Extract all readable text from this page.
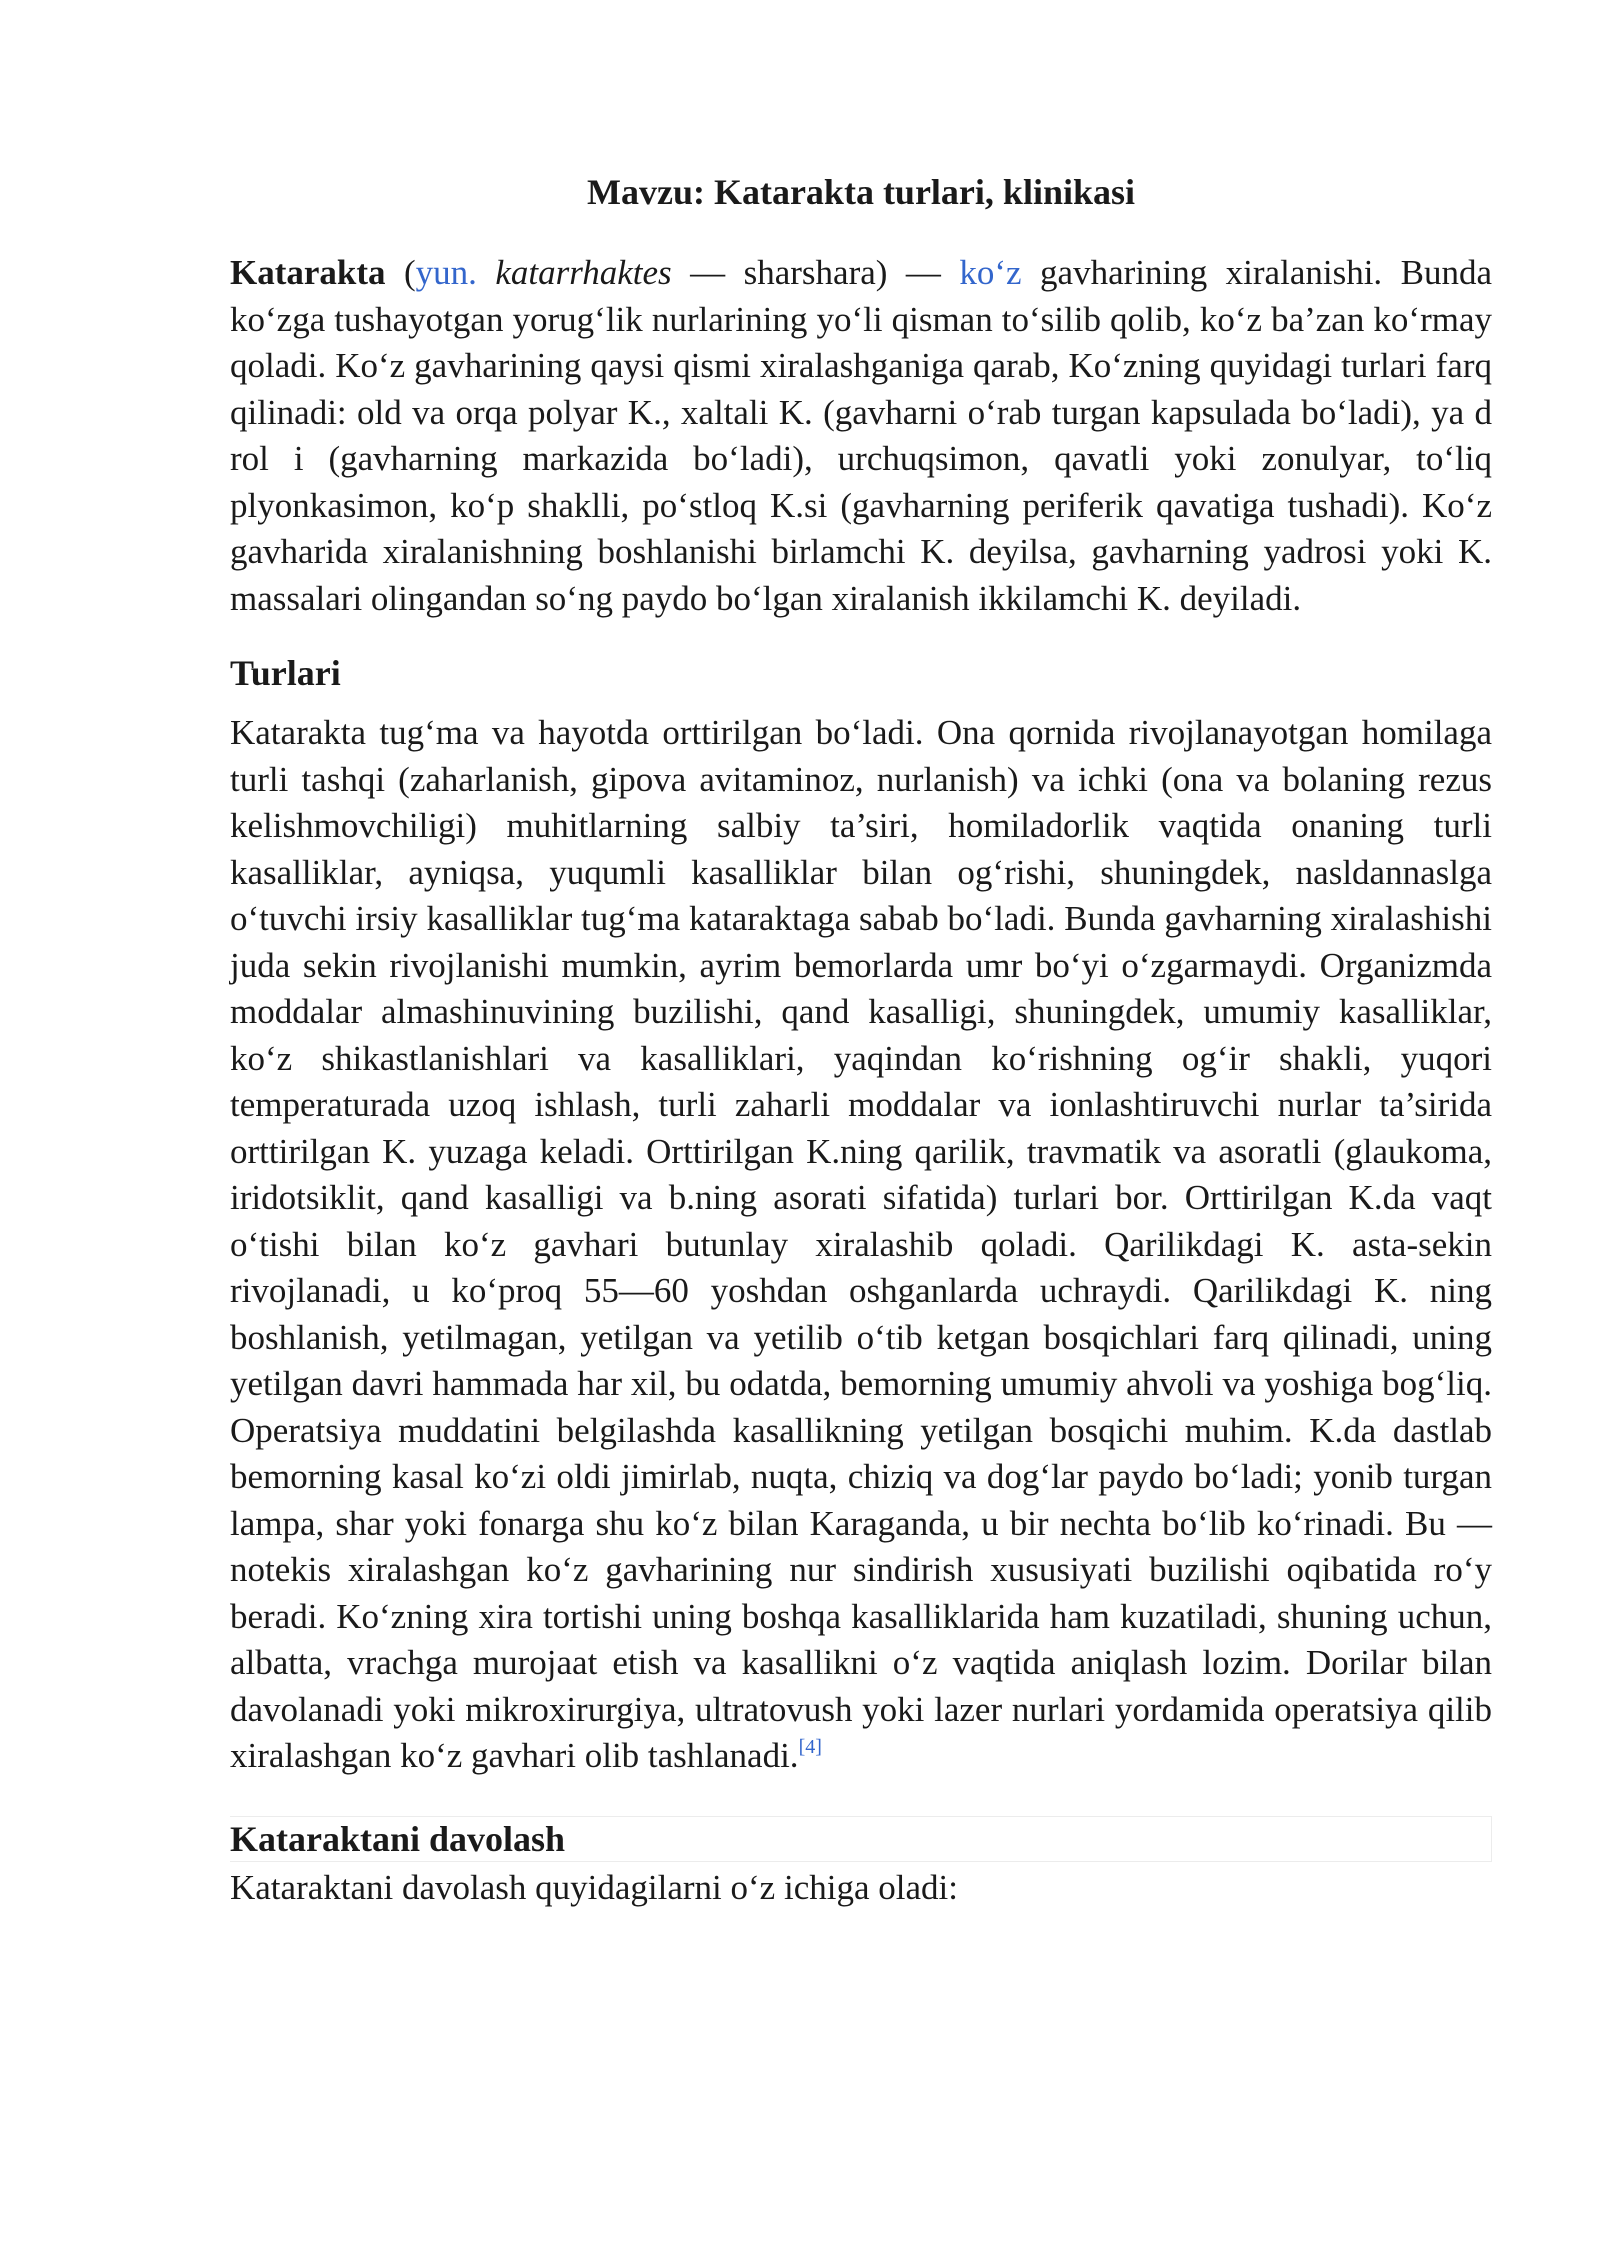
Mavzu: Katarakta turlari, klinikasi

Katarakta (yun. katarrhaktes — sharshara) — ko‘z gavharining xiralanishi. Bunda ko‘zga tushayotgan yorug‘lik nurlarining yo‘li qisman to‘silib qolib, ko‘z ba’zan ko‘rmay qoladi. Ko‘z gavharining qaysi qismi xiralashganiga qarab, Ko‘zning quyidagi turlari farq qilinadi: old va orqa polyar K., xaltali K. (gavharni o‘rab turgan kapsulada bo‘ladi), ya d rol i (gavharning markazida bo‘ladi), urchuqsimon, qavatli yoki zonulyar, to‘liq plyonkasimon, ko‘p shaklli, po‘stloq K.si (gavharning periferik qavatiga tushadi). Ko‘z gavharida xiralanishning boshlanishi birlamchi K. deyilsa, gavharning yadrosi yoki K. massalari olingandan so‘ng paydo bo‘lgan xiralanish ikkilamchi K. deyiladi.

Turlari

Katarakta tug‘ma va hayotda orttirilgan bo‘ladi. Ona qornida rivojlanayotgan homilaga turli tashqi (zaharlanish, gipova avitaminoz, nurlanish) va ichki (ona va bolaning rezus kelishmovchiligi) muhitlarning salbiy ta’siri, homiladorlik vaqtida onaning turli kasalliklar, ayniqsa, yuqumli kasalliklar bilan og‘rishi, shuningdek, nasldannaslga o‘tuvchi irsiy kasalliklar tug‘ma kataraktaga sabab bo‘ladi. Bunda gavharning xiralashishi juda sekin rivojlanishi mumkin, ayrim bemorlarda umr bo‘yi o‘zgarmaydi. Organizmda moddalar almashinuvining buzilishi, qand kasalligi, shuningdek, umumiy kasalliklar, ko‘z shikastlanishlari va kasalliklari, yaqindan ko‘rishning og‘ir shakli, yuqori temperaturada uzoq ishlash, turli zaharli moddalar va ionlashtiruvchi nurlar ta’sirida orttirilgan K. yuzaga keladi. Orttirilgan K.ning qarilik, travmatik va asoratli (glaukoma, iridotsiklit, qand kasalligi va b.ning asorati sifatida) turlari bor. Orttirilgan K.da vaqt o‘tishi bilan ko‘z gavhari butunlay xiralashib qoladi. Qarilikdagi K. asta-sekin rivojlanadi, u ko‘proq 55—60 yoshdan oshganlarda uchraydi. Qarilikdagi K. ning boshlanish, yetilmagan, yetilgan va yetilib o‘tib ketgan bosqichlari farq qilinadi, uning yetilgan davri hammada har xil, bu odatda, bemorning umumiy ahvoli va yoshiga bog‘liq. Operatsiya muddatini belgilashda kasallikning yetilgan bosqichi muhim. K.da dastlab bemorning kasal ko‘zi oldi jimirlab, nuqta, chiziq va dog‘lar paydo bo‘ladi; yonib turgan lampa, shar yoki fonarga shu ko‘z bilan Karaganda, u bir nechta bo‘lib ko‘rinadi. Bu — notekis xiralashgan ko‘z gavharining nur sindirish xususiyati buzilishi oqibatida ro‘y beradi. Ko‘zning xira tortishi uning boshqa kasalliklarida ham kuzatiladi, shuning uchun, albatta, vrachga murojaat etish va kasallikni o‘z vaqtida aniqlash lozim. Dorilar bilan davolanadi yoki mikroxirurgiya, ultratovush yoki lazer nurlari yordamida operatsiya qilib xiralashgan ko‘z gavhari olib tashlanadi.[4]

Kataraktani davolash
Kataraktani davolash quyidagilarni o‘z ichiga oladi:
